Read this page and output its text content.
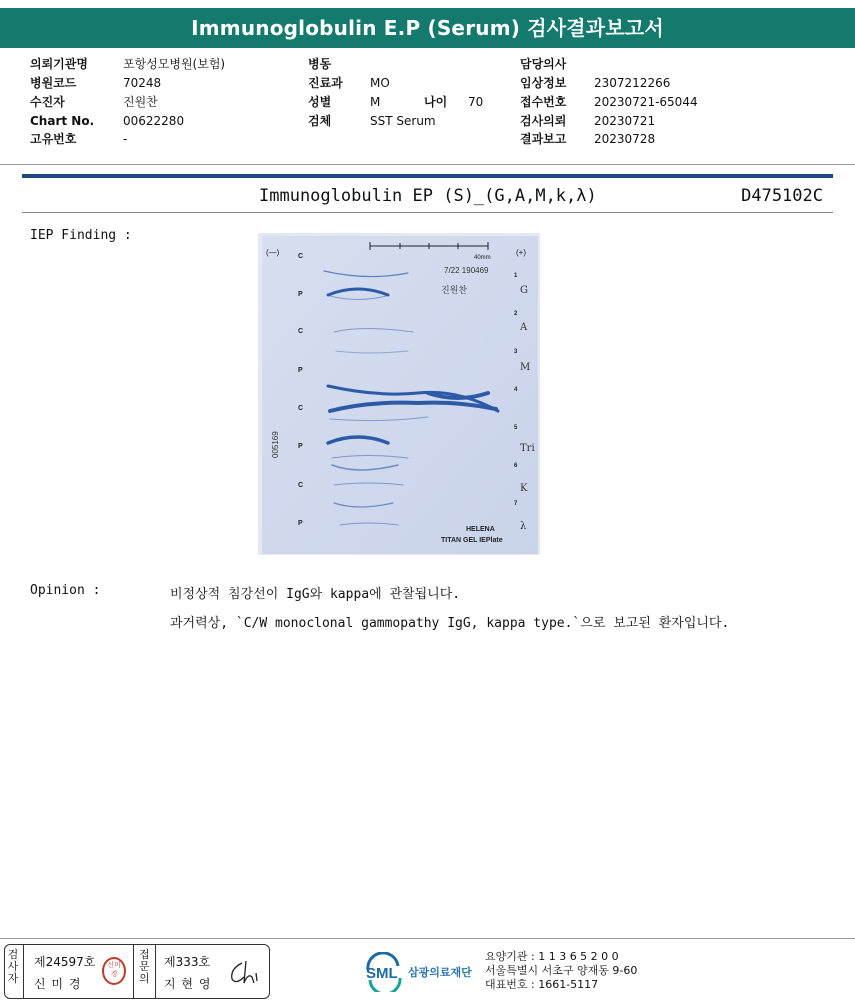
Immunoglobulin E.P (Serum) 검사결과보고서
의뢰기관명	포항성모병원(보험)
병원코드	70248
수진자	진원찬
Chart No.	00622280
고유번호	-
병동
진료과	MO
성별	M	나이	70
검체	SST Serum
담당의사
임상정보	2307212266
접수번호	20230721-65044
검사의뢰	20230721
결과보고	20230728
Immunoglobulin EP (S)_(G,A,M,k,λ)	D475102C
IEP Finding :
40mm
(—)	(+)
7/22 190469
진원찬
005169
HELENA
TITAN GEL IEPlate
C
P
C
P
C
P
C
P
1
2
3
4
5
6
7
G
A
M
Tri
K
λ
Opinion :	비정상적 침강선이 IgG와 kappa에 관찰됩니다.
과거력상, `C/W monoclonal gammopathy IgG, kappa type.`으로 보고된 환자입니다.
검사자
제24597호
신 미 경
신미경
접문의
제333호
지 현 영
SML 삼광의료재단
요양기관 : 1 1 3 6 5 2 0 0
서울특별시 서초구 양재동 9-60
대표번호 : 1661-5117
